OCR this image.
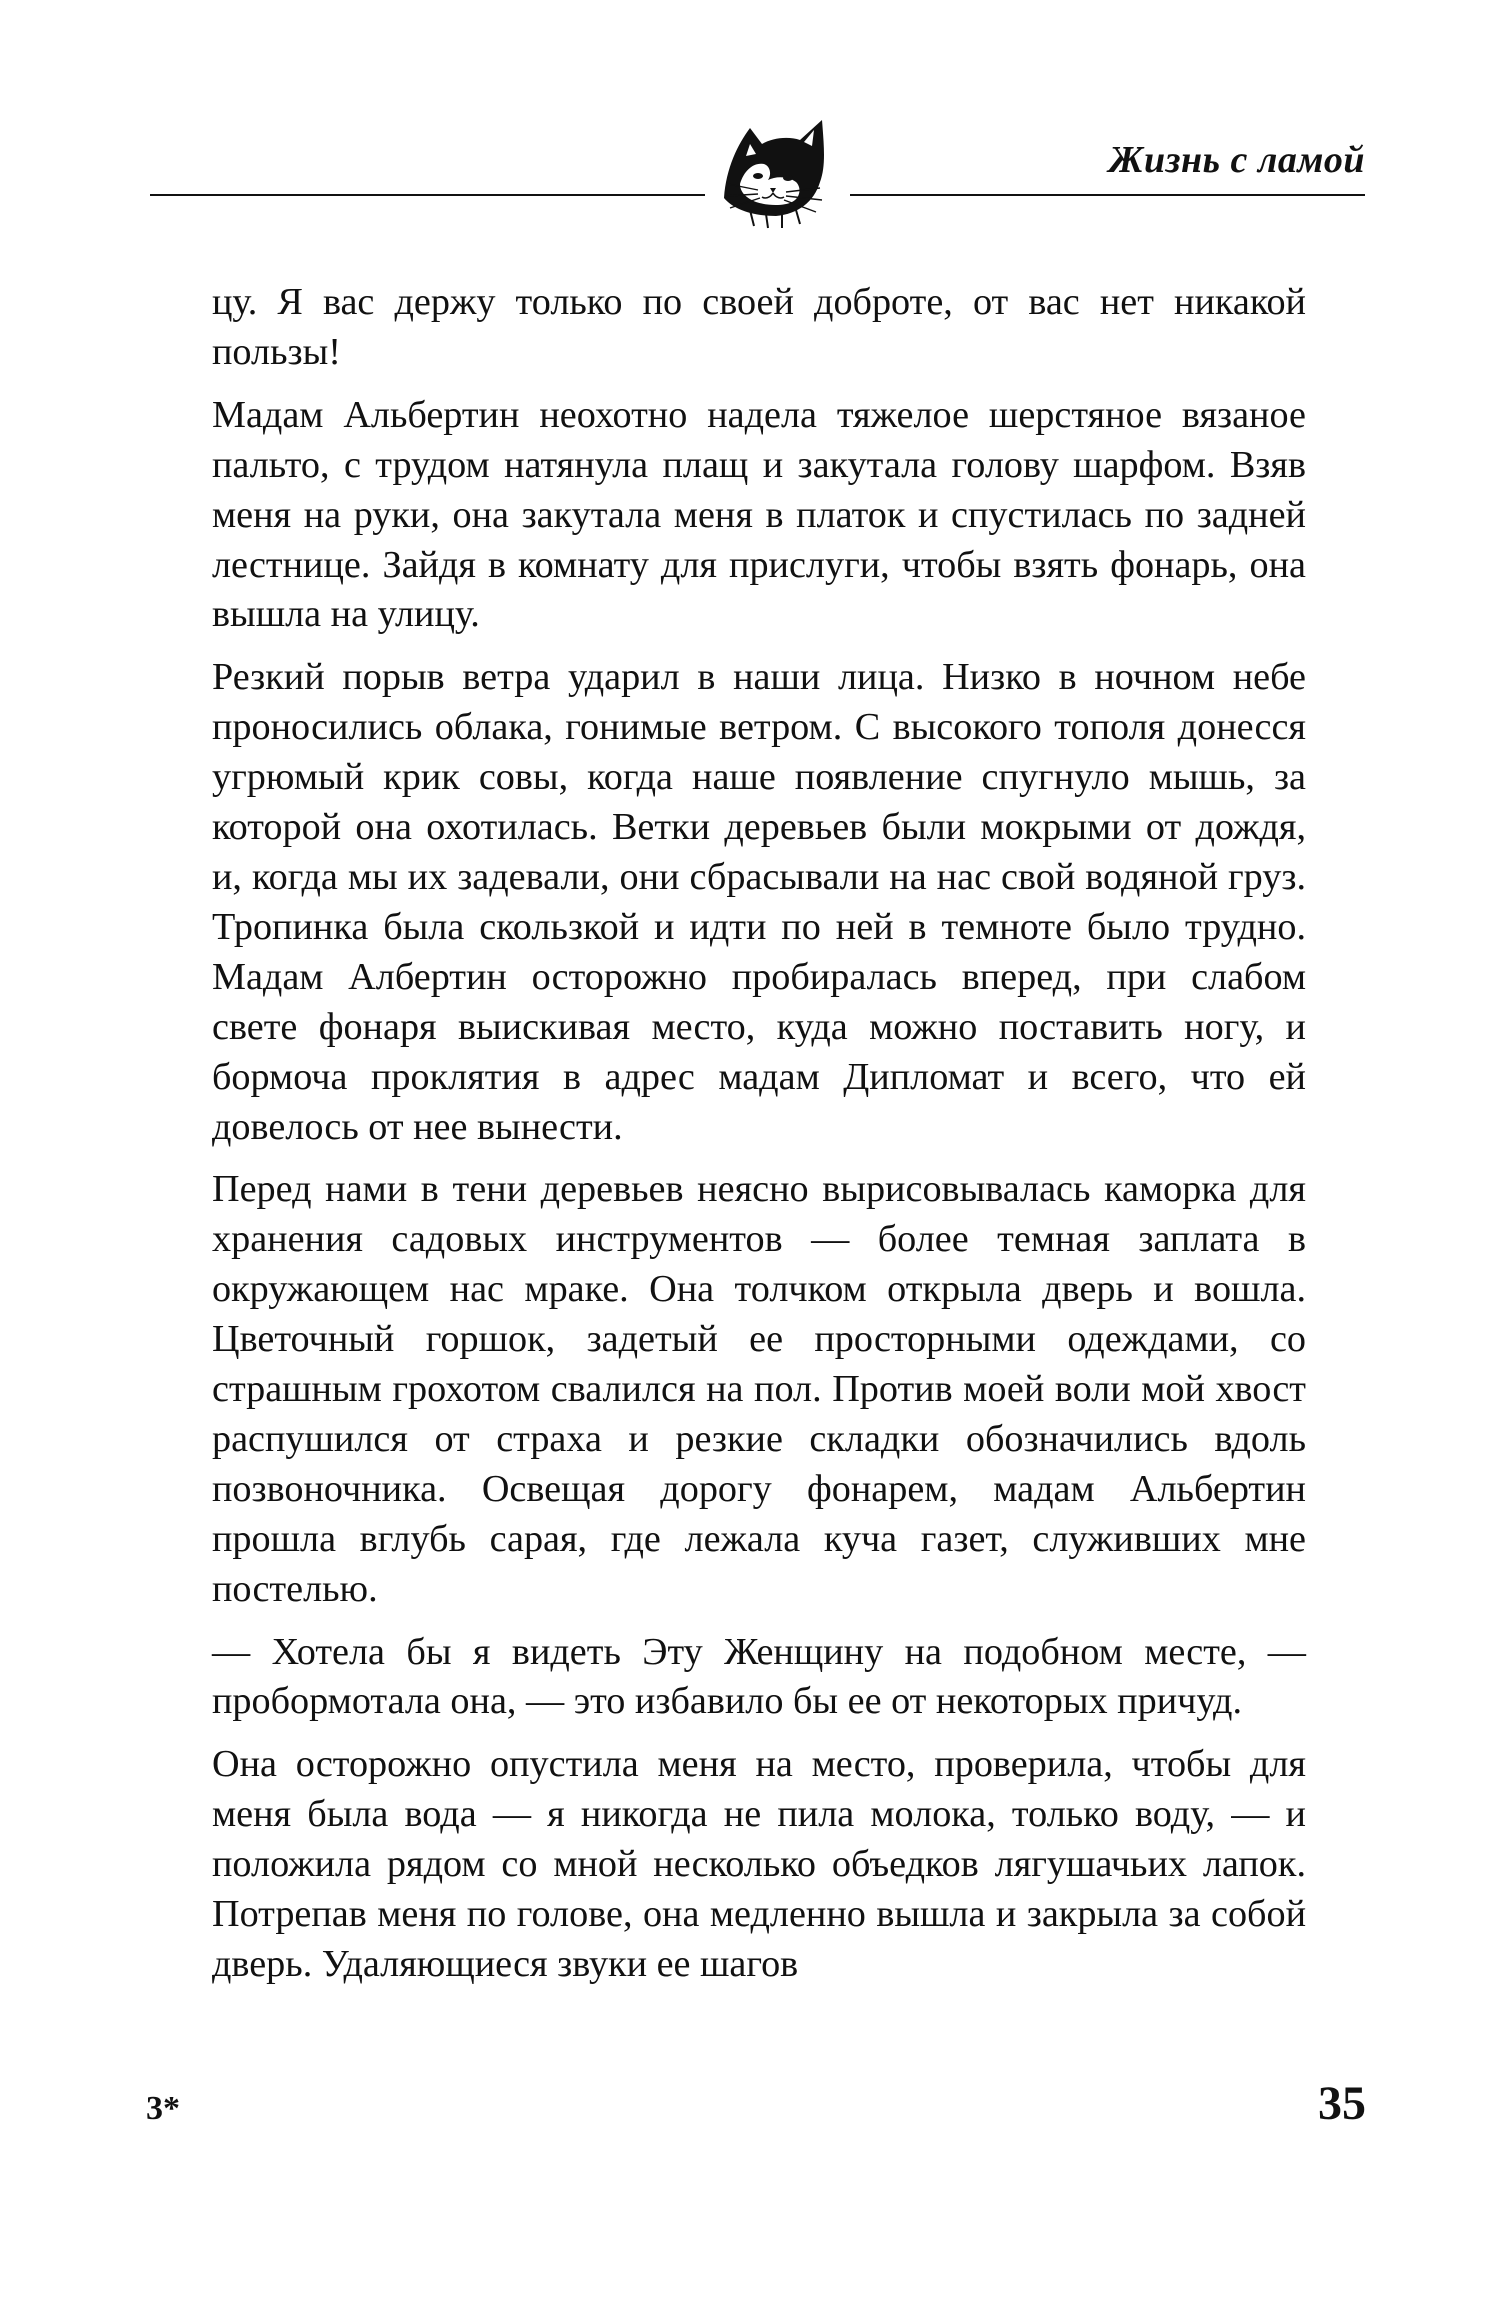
Жизнь с ламой

цу. Я вас держу только по своей доброте, от вас нет никакой пользы!

Мадам Альбертин неохотно надела тяжелое шерстяное вязаное пальто, с трудом натянула плащ и закутала голову шарфом. Взяв меня на руки, она закутала меня в платок и спустилась по задней лестнице. Зайдя в комнату для прислуги, чтобы взять фонарь, она вышла на улицу.

Резкий порыв ветра ударил в наши лица. Низко в ночном небе проносились облака, гонимые ветром. С высокого тополя донесся угрюмый крик совы, когда наше появление спугнуло мышь, за которой она охотилась. Ветки деревьев были мокрыми от дождя, и, когда мы их задевали, они сбрасывали на нас свой водяной груз. Тропинка была скользкой и идти по ней в темноте было трудно. Мадам Албертин осторожно пробиралась вперед, при слабом свете фонаря выискивая место, куда можно поставить ногу, и бормоча проклятия в адрес мадам Дипломат и всего, что ей довелось от нее вынести.

Перед нами в тени деревьев неясно вырисовывалась каморка для хранения садовых инструментов — более темная заплата в окружающем нас мраке. Она толчком открыла дверь и вошла. Цветочный горшок, задетый ее просторными одеждами, со страшным грохотом свалился на пол. Против моей воли мой хвост распушился от страха и резкие складки обозначились вдоль позвоночника. Освещая дорогу фонарем, мадам Альбертин прошла вглубь сарая, где лежала куча газет, служивших мне постелью.

— Хотела бы я видеть Эту Женщину на подобном месте, — пробормотала она, — это избавило бы ее от некоторых причуд.

Она осторожно опустила меня на место, проверила, чтобы для меня была вода — я никогда не пила молока, только воду, — и положила рядом со мной несколько объедков лягушачьих лапок. Потрепав меня по голове, она медленно вышла и закрыла за собой дверь. Удаляющиеся звуки ее шагов

3*	35
